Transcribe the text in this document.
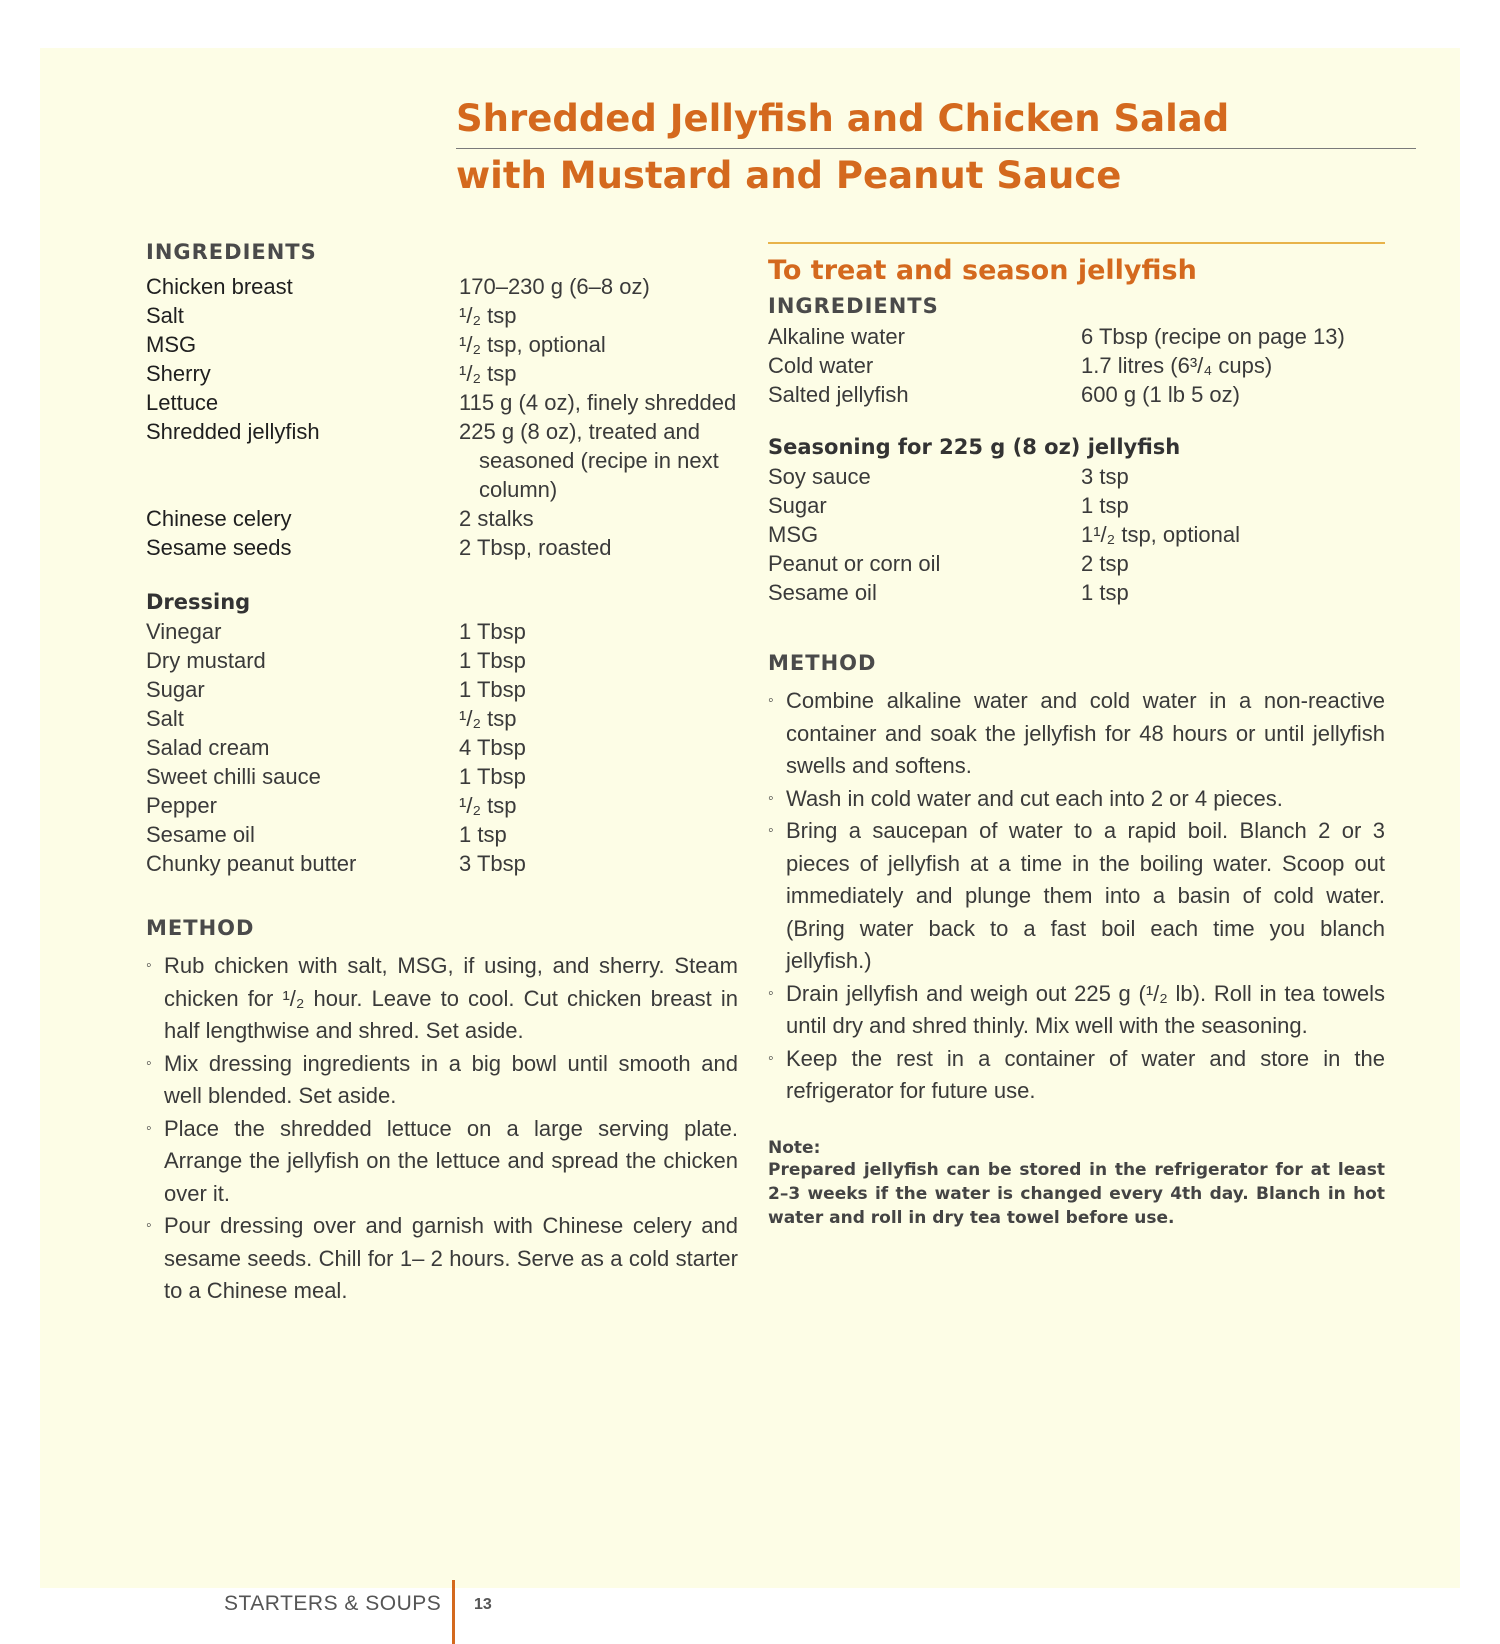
Shredded Jellyfish and Chicken Salad
with Mustard and Peanut Sauce
INGREDIENTS
Chicken breast	170–230 g (6–8 oz)
Salt	¹/₂ tsp
MSG	¹/₂ tsp, optional
Sherry	¹/₂ tsp
Lettuce	115 g (4 oz), finely shredded
Shredded jellyfish	225 g (8 oz), treated and seasoned (recipe in next column)
Chinese celery	2 stalks
Sesame seeds	2 Tbsp, roasted
Dressing
Vinegar	1 Tbsp
Dry mustard	1 Tbsp
Sugar	1 Tbsp
Salt	¹/₂ tsp
Salad cream	4 Tbsp
Sweet chilli sauce	1 Tbsp
Pepper	¹/₂ tsp
Sesame oil	1 tsp
Chunky peanut butter	3 Tbsp
METHOD
◦ Rub chicken with salt, MSG, if using, and sherry. Steam chicken for ¹/₂ hour. Leave to cool. Cut chicken breast in half lengthwise and shred. Set aside.
◦ Mix dressing ingredients in a big bowl until smooth and well blended. Set aside.
◦ Place the shredded lettuce on a large serving plate. Arrange the jellyfish on the lettuce and spread the chicken over it.
◦ Pour dressing over and garnish with Chinese celery and sesame seeds. Chill for 1– 2 hours. Serve as a cold starter to a Chinese meal.
To treat and season jellyfish
INGREDIENTS
Alkaline water	6 Tbsp (recipe on page 13)
Cold water	1.7 litres (6³/₄ cups)
Salted jellyfish	600 g (1 lb 5 oz)
Seasoning for 225 g (8 oz) jellyfish
Soy sauce	3 tsp
Sugar	1 tsp
MSG	1¹/₂ tsp, optional
Peanut or corn oil	2 tsp
Sesame oil	1 tsp
METHOD
◦ Combine alkaline water and cold water in a non-reactive container and soak the jellyfish for 48 hours or until jellyfish swells and softens.
◦ Wash in cold water and cut each into 2 or 4 pieces.
◦ Bring a saucepan of water to a rapid boil. Blanch 2 or 3 pieces of jellyfish at a time in the boiling water. Scoop out immediately and plunge them into a basin of cold water. (Bring water back to a fast boil each time you blanch jellyfish.)
◦ Drain jellyfish and weigh out 225 g (¹/₂ lb). Roll in tea towels until dry and shred thinly. Mix well with the seasoning.
◦ Keep the rest in a container of water and store in the refrigerator for future use.

Note:

Prepared jellyfish can be stored in the refrigerator for at least 2–3 weeks if the water is changed every 4th day. Blanch in hot water and roll in dry tea towel before use.

STARTERS & SOUPS 13
